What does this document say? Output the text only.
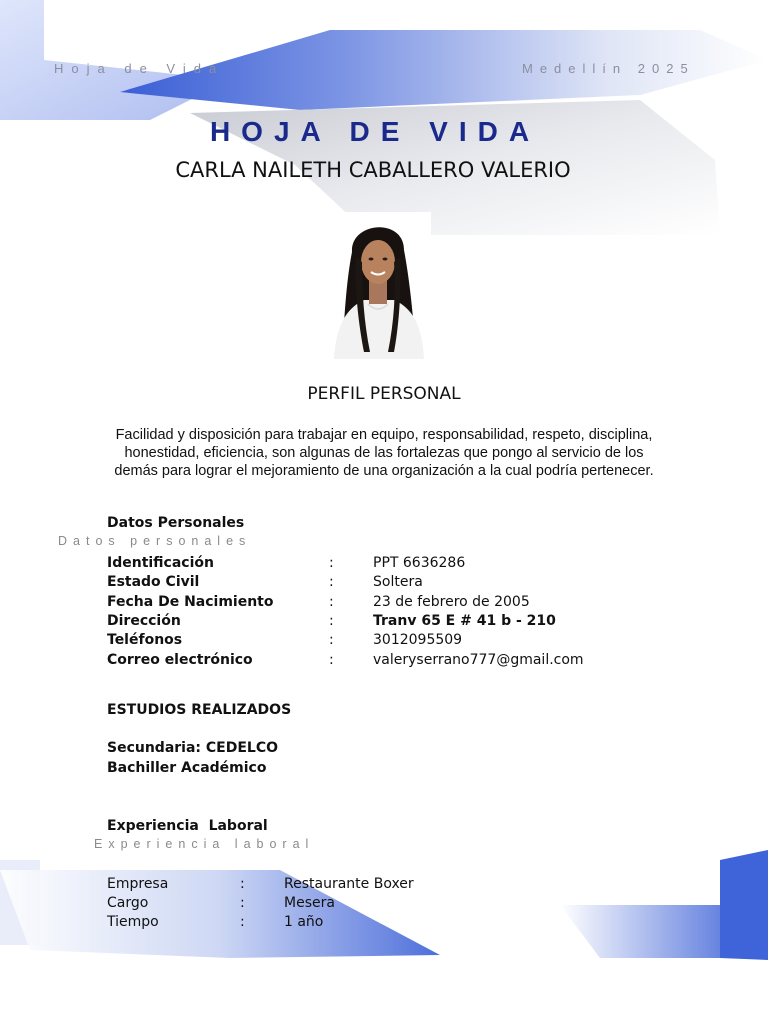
Hoja de Vida	Medellín 2025
HOJA DE VIDA
CARLA NAILETH CABALLERO VALERIO
PERFIL PERSONAL
Facilidad y disposición para trabajar en equipo, responsabilidad, respeto, disciplina, honestidad, eficiencia, son algunas de las fortalezas que pongo al servicio de los demás para lograr el mejoramiento de una organización a la cual podría pertenecer.
Datos Personales
Datos personales
Identificación	:	PPT 6636286
Estado Civil	:	Soltera
Fecha De Nacimiento	:	23 de febrero de 2005
Dirección	:	Tranv 65 E # 41 b - 210
Teléfonos	:	3012095509
Correo electrónico	:	valeryserrano777@gmail.com
ESTUDIOS REALIZADOS
Secundaria: CEDELCO
Bachiller Académico
Experiencia  Laboral
Experiencia laboral
Empresa	:	Restaurante Boxer
Cargo	:	Mesera
Tiempo	:	1 año
